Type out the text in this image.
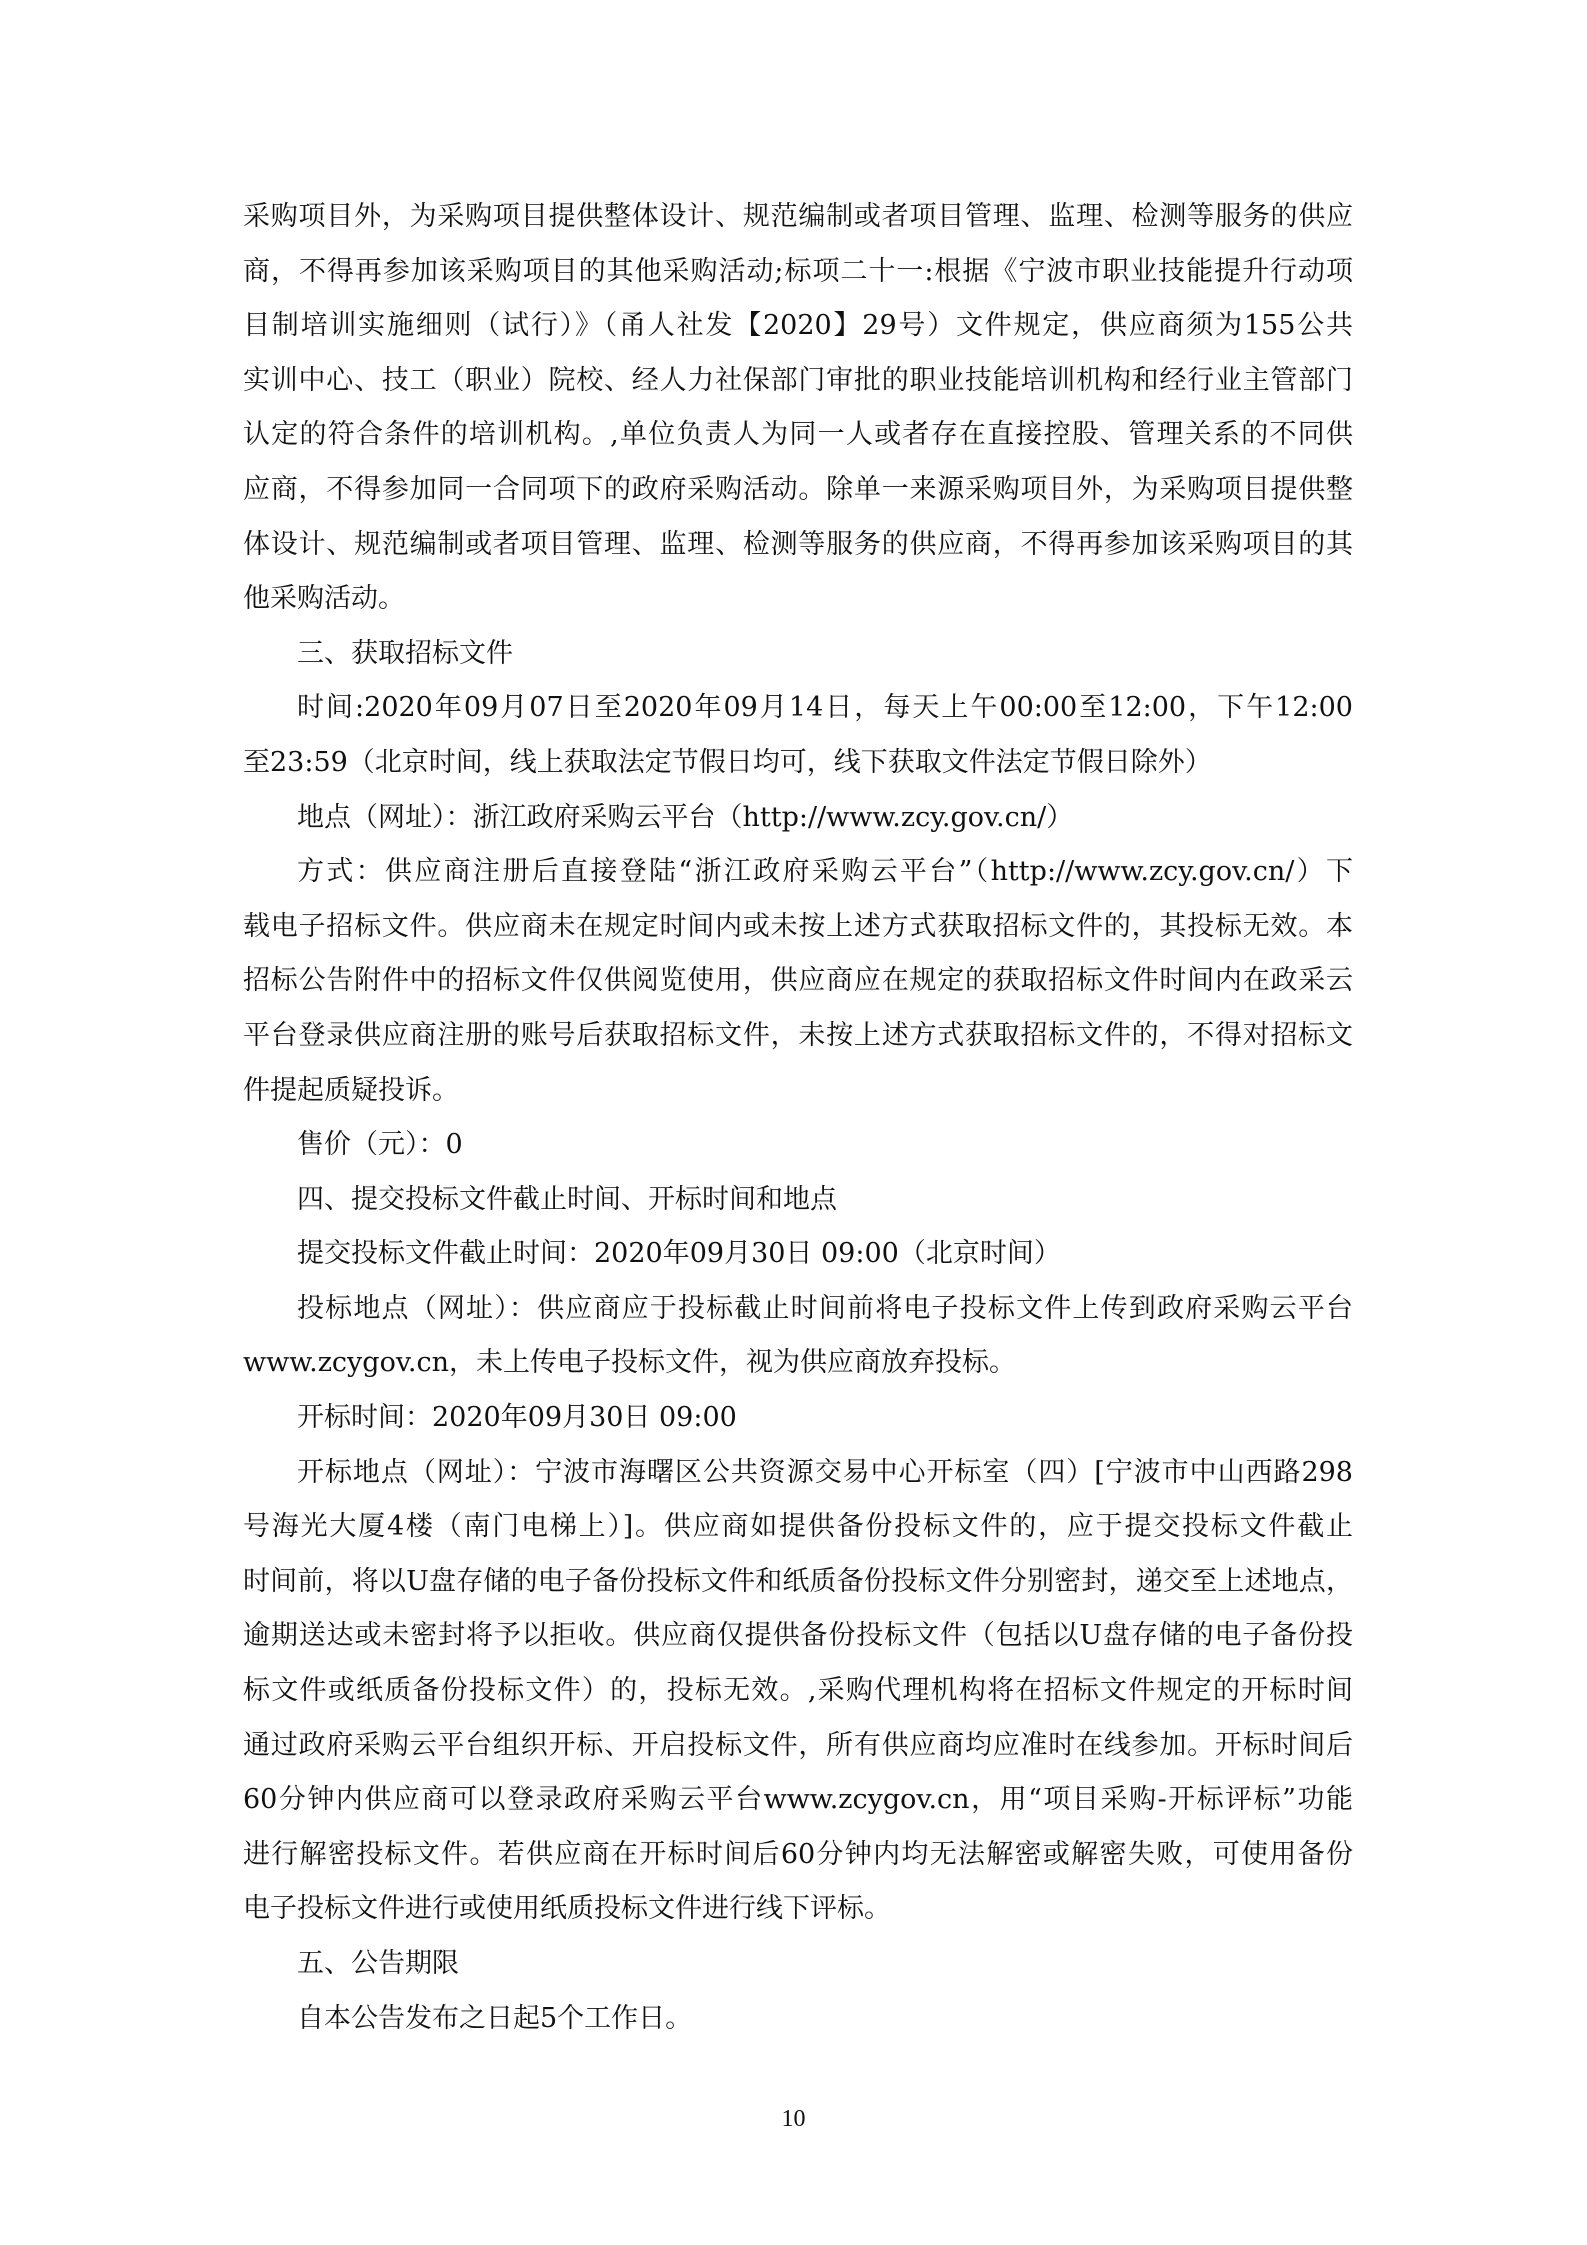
采购项目外，为采购项目提供整体设计、规范编制或者项目管理、监理、检测等服务的供应
商，不得再参加该采购项目的其他采购活动;标项二十一:根据《宁波市职业技能提升行动项
目制培训实施细则（试行）》（甬人社发【2020】29号）文件规定，供应商须为155公共
实训中心、技工（职业）院校、经人力社保部门审批的职业技能培训机构和经行业主管部门
认定的符合条件的培训机构。,单位负责人为同一人或者存在直接控股、管理关系的不同供
应商，不得参加同一合同项下的政府采购活动。除单一来源采购项目外，为采购项目提供整
体设计、规范编制或者项目管理、监理、检测等服务的供应商，不得再参加该采购项目的其
他采购活动。
三、获取招标文件
时间:2020年09月07日至2020年09月14日，每天上午00:00至12:00，下午12:00
至23:59（北京时间，线上获取法定节假日均可，线下获取文件法定节假日除外）
地点（网址）：浙江政府采购云平台（http://www.zcy.gov.cn/）
方式：供应商注册后直接登陆“浙江政府采购云平台”（http://www.zcy.gov.cn/）下
载电子招标文件。供应商未在规定时间内或未按上述方式获取招标文件的，其投标无效。本
招标公告附件中的招标文件仅供阅览使用，供应商应在规定的获取招标文件时间内在政采云
平台登录供应商注册的账号后获取招标文件，未按上述方式获取招标文件的，不得对招标文
件提起质疑投诉。
售价（元）：0
四、提交投标文件截止时间、开标时间和地点
提交投标文件截止时间：2020年09月30日 09:00（北京时间）
投标地点（网址）：供应商应于投标截止时间前将电子投标文件上传到政府采购云平台
www.zcygov.cn，未上传电子投标文件，视为供应商放弃投标。
开标时间：2020年09月30日 09:00
开标地点（网址）：宁波市海曙区公共资源交易中心开标室（四）[宁波市中山西路298
号海光大厦4楼（南门电梯上）]。供应商如提供备份投标文件的，应于提交投标文件截止
时间前，将以U盘存储的电子备份投标文件和纸质备份投标文件分别密封，递交至上述地点，
逾期送达或未密封将予以拒收。供应商仅提供备份投标文件（包括以U盘存储的电子备份投
标文件或纸质备份投标文件）的，投标无效。,采购代理机构将在招标文件规定的开标时间
通过政府采购云平台组织开标、开启投标文件，所有供应商均应准时在线参加。开标时间后
60分钟内供应商可以登录政府采购云平台www.zcygov.cn，用“项目采购-开标评标”功能
进行解密投标文件。若供应商在开标时间后60分钟内均无法解密或解密失败，可使用备份
电子投标文件进行或使用纸质投标文件进行线下评标。
五、公告期限
自本公告发布之日起5个工作日。
10
